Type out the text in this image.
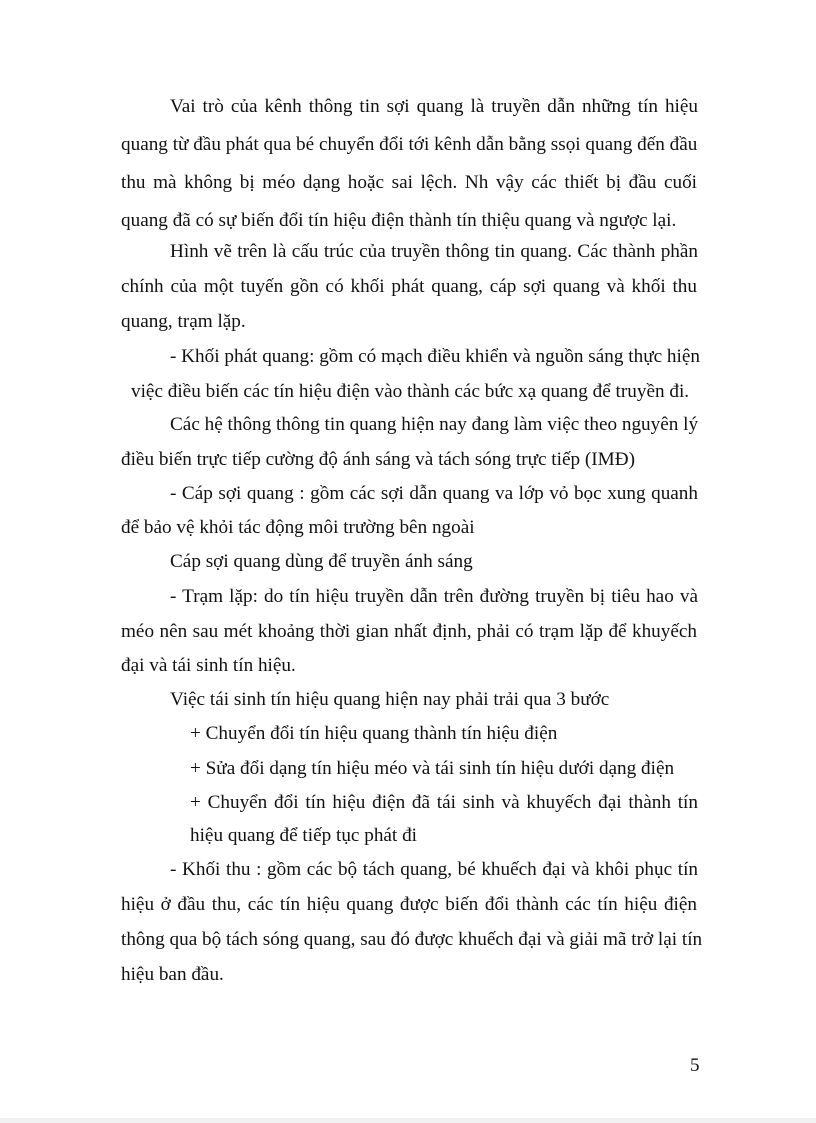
Vai trò của kênh thông tin sợi quang là truyền dẫn những tín hiệu
quang từ đầu phát qua bé chuyển đổi tới kênh dẫn bằng ssọi quang đến đầu
thu mà không bị méo dạng hoặc sai lệch. Nh vậy các thiết bị đầu cuối
quang đã có sự biến đổi tín hiệu điện thành tín thiệu quang và ngược lại.
Hình vẽ trên là cấu trúc của truyền thông tin quang. Các thành phần
chính của một tuyến gồn có khối phát quang, cáp sợi quang và khối thu
quang, trạm lặp.
- Khối phát quang: gồm có mạch điều khiển và nguồn sáng thực hiện
việc điều biến các tín hiệu điện vào thành các bức xạ quang để truyền đi.
Các hệ thông thông tin quang hiện nay đang làm việc theo nguyên lý
điều biến trực tiếp cường độ ánh sáng và tách sóng trực tiếp (IMĐ)
- Cáp sợi quang : gồm các sợi dẫn quang va lớp vỏ bọc xung quanh
để bảo vệ khỏi tác động môi trường bên ngoài
Cáp sợi quang dùng để truyền ánh sáng
- Trạm lặp: do tín hiệu truyền dẫn trên đường truyền bị tiêu hao và
méo nên sau mét khoảng thời gian nhất định, phải có trạm lặp để khuyếch
đại và tái sinh tín hiệu.
Việc tái sinh tín hiệu quang hiện nay phải trải qua 3 bước
+ Chuyển đổi tín hiệu quang thành tín hiệu điện
+ Sửa đổi dạng tín hiệu méo và tái sinh tín hiệu dưới dạng điện
+ Chuyển đổi tín hiệu điện đã tái sinh và khuyếch đại thành tín
hiệu quang để tiếp tục phát đi
- Khối thu : gồm các bộ tách quang, bé khuếch đại và khôi phục tín
hiệu ở đầu thu, các tín hiệu quang được biến đổi thành các tín hiệu điện
thông qua bộ tách sóng quang, sau đó được khuếch đại và giải mã trở lại tín
hiệu ban đầu.
5
